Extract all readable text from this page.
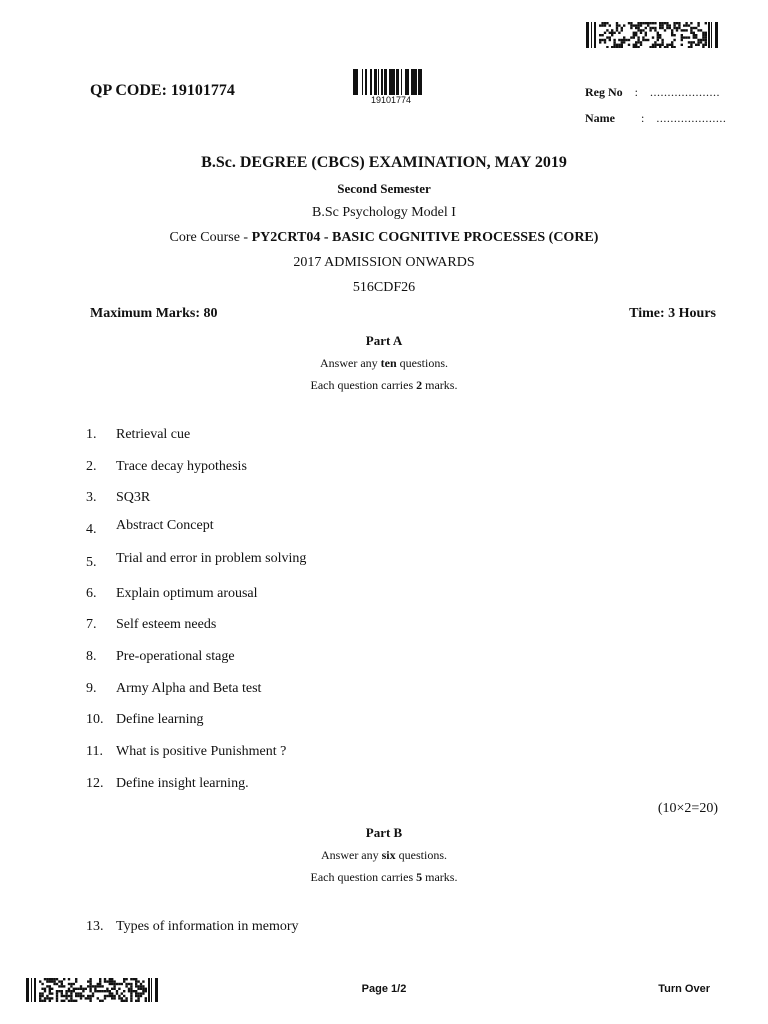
QP CODE: 19101774
19101774
Reg No : ....................
Name : ....................
B.Sc. DEGREE (CBCS) EXAMINATION, MAY 2019
Second Semester
B.Sc Psychology Model I
Core Course - PY2CRT04 - BASIC COGNITIVE PROCESSES (CORE)
2017 ADMISSION ONWARDS
516CDF26
Maximum Marks: 80	Time: 3 Hours
Part A
Answer any ten questions.
Each question carries 2 marks.
1. Retrieval cue
2. Trace decay hypothesis
3. SQ3R
4. Abstract Concept
5. Trial and error in problem solving
6. Explain optimum arousal
7. Self esteem needs
8. Pre-operational stage
9. Army Alpha and Beta test
10. Define learning
11. What is positive Punishment ?
12. Define insight learning.
(10×2=20)
Part B
Answer any six questions.
Each question carries 5 marks.
13. Types of information in memory
Page 1/2	Turn Over
